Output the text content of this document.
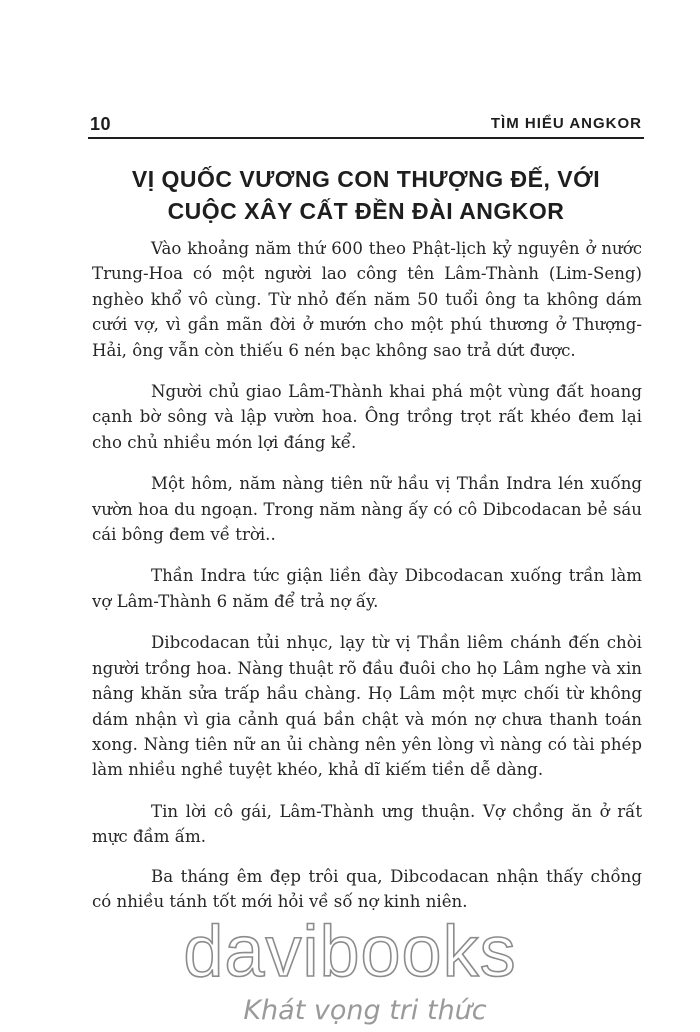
10	TÌM HIỂU ANGKOR
VỊ QUỐC VƯƠNG CON THƯỢNG ĐẾ, VỚI
CUỘC XÂY CẤT ĐỀN ĐÀI ANGKOR

Vào khoảng năm thứ 600 theo Phật-lịch kỷ nguyên ở nước Trung-Hoa có một người lao công tên Lâm-Thành (Lim-Seng) nghèo khổ vô cùng. Từ nhỏ đến năm 50 tuổi ông ta không dám cưới vợ, vì gần mãn đời ở mướn cho một phú thương ở Thượng-Hải, ông vẫn còn thiếu 6 nén bạc không sao trả dứt được.

Người chủ giao Lâm-Thành khai phá một vùng đất hoang cạnh bờ sông và lập vườn hoa. Ông trồng trọt rất khéo đem lại cho chủ nhiều món lợi đáng kể.

Một hôm, năm nàng tiên nữ hầu vị Thần Indra lén xuống vườn hoa du ngoạn. Trong năm nàng ấy có cô Dibcodacan bẻ sáu cái bông đem về trời..

Thần Indra tức giận liền đày Dibcodacan xuống trần làm vợ Lâm-Thành 6 năm để trả nợ ấy.

Dibcodacan tủi nhục, lạy từ vị Thần liêm chánh đến chòi người trồng hoa. Nàng thuật rõ đầu đuôi cho họ Lâm nghe và xin nâng khăn sửa trấp hầu chàng. Họ Lâm một mực chối từ không dám nhận vì gia cảnh quá bần chật và món nợ chưa thanh toán xong. Nàng tiên nữ an ủi chàng nên yên lòng vì nàng có tài phép làm nhiều nghề tuyệt khéo, khả dĩ kiếm tiền dễ dàng.

Tin lời cô gái, Lâm-Thành ưng thuận. Vợ chồng ăn ở rất mực đầm ấm.

Ba tháng êm đẹp trôi qua, Dibcodacan nhận thấy chồng có nhiều tánh tốt mới hỏi về số nợ kinh niên.

davibooks
Khát vọng tri thức
